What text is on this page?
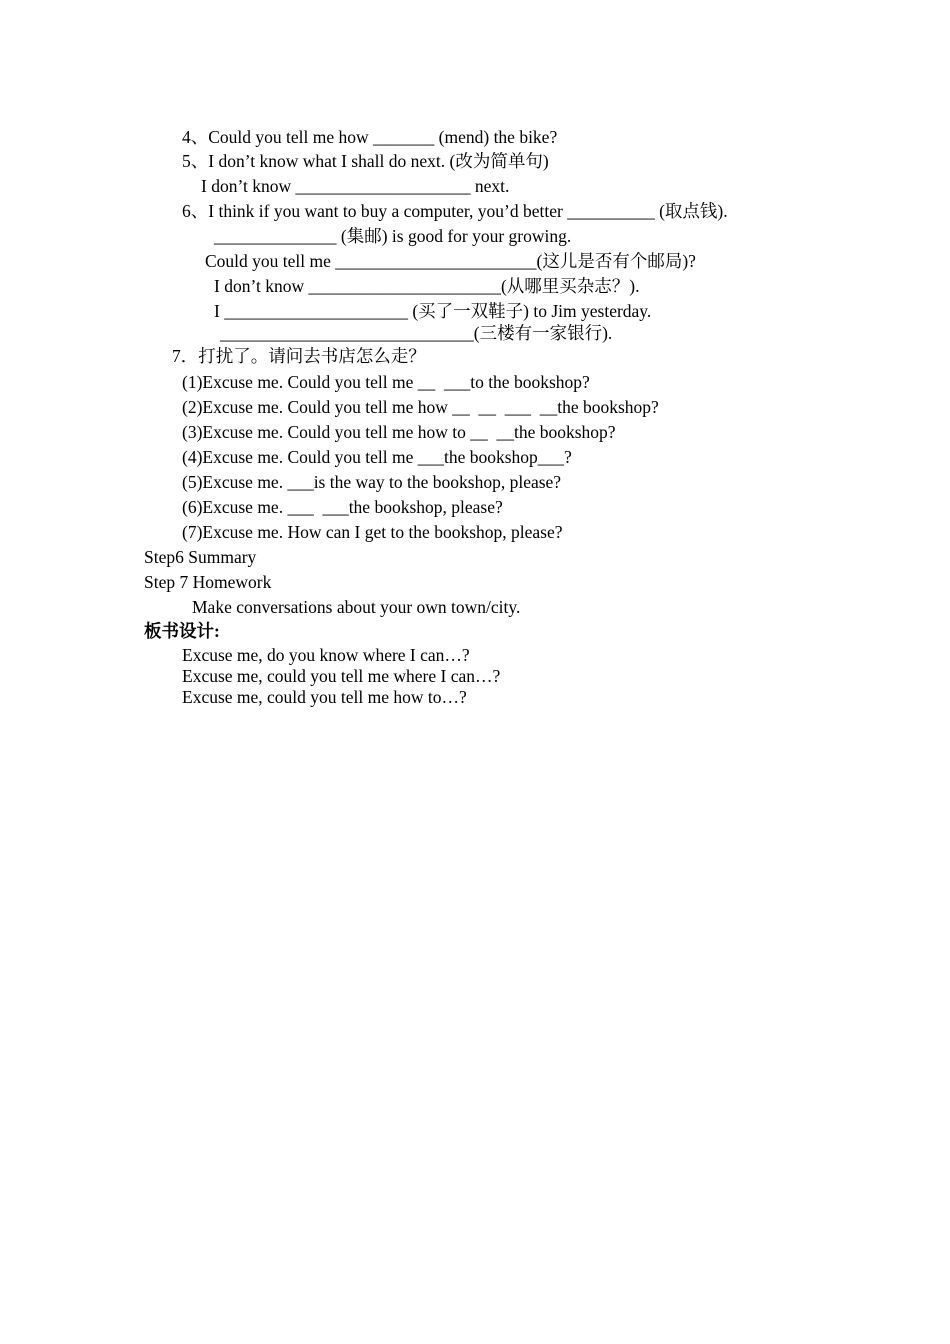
4、Could you tell me how _______ (mend) the bike?
5、I don’t know what I shall do next. (改为简单句)
I don’t know ____________________ next.
6、I think if you want to buy a computer, you’d better __________ (取点钱).
______________ (集邮) is good for your growing.
Could you tell me _______________________(这儿是否有个邮局)?
I don’t know ______________________(从哪里买杂志？).
I _____________________ (买了一双鞋子) to Jim yesterday.
_____________________________(三楼有一家银行).
7．打扰了。请问去书店怎么走？
(1)Excuse me. Could you tell me __  ___to the bookshop?
(2)Excuse me. Could you tell me how __  __  ___  __the bookshop?
(3)Excuse me. Could you tell me how to __  __the bookshop?
(4)Excuse me. Could you tell me ___the bookshop___?
(5)Excuse me. ___is the way to the bookshop, please?
(6)Excuse me. ___  ___the bookshop, please?
(7)Excuse me. How can I get to the bookshop, please?
Step6 Summary
Step 7 Homework
Make conversations about your own town/city.
板书设计:
Excuse me, do you know where I can…?
Excuse me, could you tell me where I can…?
Excuse me, could you tell me how to…?
